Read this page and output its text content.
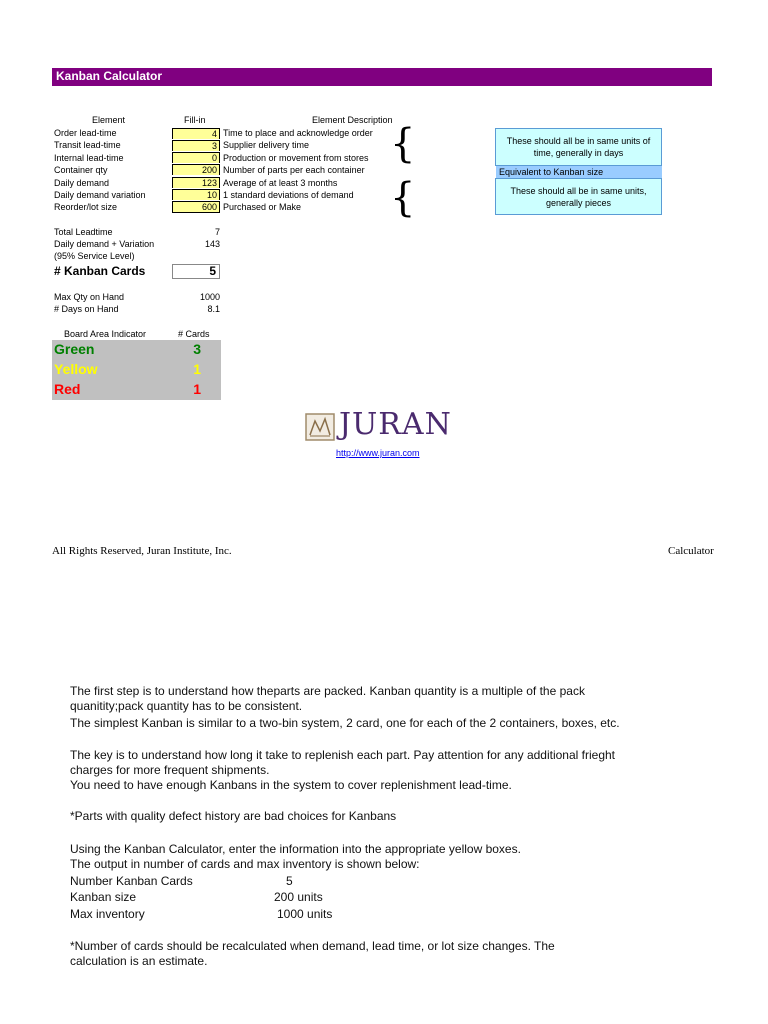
Kanban Calculator
Element	Fill-in	Element Description
Order lead-time	4 Time to place and acknowledge order
Transit lead-time	3 Supplier delivery time
Internal lead-time	0 Production or movement from stores
Container qty	200 Number of parts per each container
Daily demand	123 Average of at least 3 months
Daily demand variation	10 1 standard deviations of demand
Reorder/lot size	600 Purchased or Make
{
{
These should all be in same units of time, generally in days
Equivalent to Kanban size
These should all be in same units, generally pieces
Total Leadtime	7
Daily demand + Variation	143
(95% Service Level)
# Kanban Cards	5
Max Qty on Hand	1000
# Days on Hand	8.1
Board Area Indicator	# Cards
Green	3
Yellow	1
Red	1
JURAN
http://www.juran.com
All Rights Reserved, Juran Institute, Inc.	Calculator
The first step is to understand how theparts are packed. Kanban quantity is a multiple of the pack quanitity;pack quantity has to be consistent.
The simplest Kanban is similar to a two-bin system, 2 card, one for each of the 2 containers, boxes, etc.
The key is to understand how long it take to replenish each part. Pay attention for any additional frieght charges for more frequent shipments.
You need to have enough Kanbans in the system to cover replenishment lead-time.
*Parts with quality defect history are bad choices for Kanbans
Using the Kanban Calculator, enter the information into the appropriate yellow boxes.
The output in number of cards and max inventory is shown below:
Number Kanban Cards	5
Kanban size	200 units
Max inventory	1000 units
*Number of cards should be recalculated when demand, lead time, or lot size changes. The calculation is an estimate.
